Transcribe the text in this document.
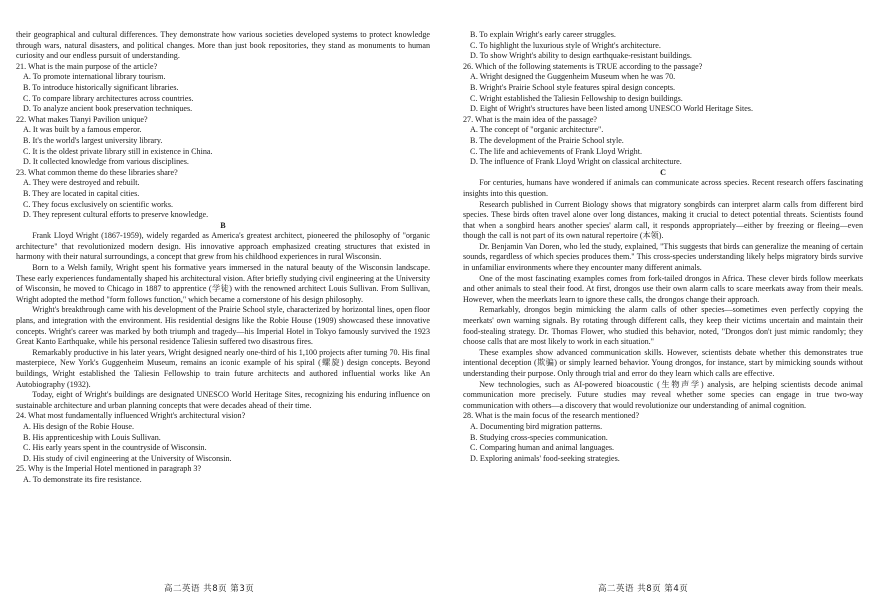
their geographical and cultural differences. They demonstrate how various societies developed systems to protect knowledge through wars, natural disasters, and political changes. More than just book repositories, they stand as monuments to human curiosity and our endless pursuit of understanding.

21. What is the main purpose of the article?

A. To promote international library tourism.

B. To introduce historically significant libraries.

C. To compare library architectures across countries.

D. To analyze ancient book preservation techniques.

22. What makes Tianyi Pavilion unique?

A. It was built by a famous emperor.

B. It's the world's largest university library.

C. It is the oldest private library still in existence in China.

D. It collected knowledge from various disciplines.

23. What common theme do these libraries share?

A. They were destroyed and rebuilt.

B. They are located in capital cities.

C. They focus exclusively on scientific works.

D. They represent cultural efforts to preserve knowledge.

B

Frank Lloyd Wright (1867-1959), widely regarded as America's greatest architect, pioneered the philosophy of "organic architecture" that revolutionized modern design. His innovative approach emphasized creating structures that existed in harmony with their natural surroundings, a concept that grew from his childhood experiences in rural Wisconsin.

Born to a Welsh family, Wright spent his formative years immersed in the natural beauty of the Wisconsin landscape. These early experiences fundamentally shaped his architectural vision. After briefly studying civil engineering at the University of Wisconsin, he moved to Chicago in 1887 to apprentice (学徒) with the renowned architect Louis Sullivan. From Sullivan, Wright adopted the method "form follows function," which became a cornerstone of his design philosophy.

Wright's breakthrough came with his development of the Prairie School style, characterized by horizontal lines, open floor plans, and integration with the environment. His residential designs like the Robie House (1909) showcased these innovative concepts. Wright's career was marked by both triumph and tragedy—his Imperial Hotel in Tokyo famously survived the 1923 Great Kanto Earthquake, while his personal residence Taliesin suffered two disastrous fires.

Remarkably productive in his later years, Wright designed nearly one-third of his 1,100 projects after turning 70. His final masterpiece, New York's Guggenheim Museum, remains an iconic example of his spiral (螺旋) design concepts. Beyond buildings, Wright established the Taliesin Fellowship to train future architects and authored influential works like An Autobiography (1932).

Today, eight of Wright's buildings are designated UNESCO World Heritage Sites, recognizing his enduring influence on sustainable architecture and urban planning concepts that were decades ahead of their time.

24. What most fundamentally influenced Wright's architectural vision?

A. His design of the Robie House.

B. His apprenticeship with Louis Sullivan.

C. His early years spent in the countryside of Wisconsin.

D. His study of civil engineering at the University of Wisconsin.

25. Why is the Imperial Hotel mentioned in paragraph 3?

A. To demonstrate its fire resistance.

B. To explain Wright's early career struggles.

C. To highlight the luxurious style of Wright's architecture.

D. To show Wright's ability to design earthquake-resistant buildings.

26. Which of the following statements is TRUE according to the passage?

A. Wright designed the Guggenheim Museum when he was 70.

B. Wright's Prairie School style features spiral design concepts.

C. Wright established the Taliesin Fellowship to design buildings.

D. Eight of Wright's structures have been listed among UNESCO World Heritage Sites.

27. What is the main idea of the passage?

A. The concept of "organic architecture".

B. The development of the Prairie School style.

C. The life and achievements of Frank Lloyd Wright.

D. The influence of Frank Lloyd Wright on classical architecture.

C

For centuries, humans have wondered if animals can communicate across species. Recent research offers fascinating insights into this question.

Research published in Current Biology shows that migratory songbirds can interpret alarm calls from different bird species. These birds often travel alone over long distances, making it crucial to detect potential threats. Scientists found that when a songbird hears another species' alarm call, it responds appropriately—either by freezing or fleeing—even though the call is not part of its own natural repertoire (本领).

Dr. Benjamin Van Doren, who led the study, explained, "This suggests that birds can generalize the meaning of certain sounds, regardless of which species produces them." This cross-species understanding likely helps migratory birds survive in unfamiliar environments where they encounter many different animals.

One of the most fascinating examples comes from fork-tailed drongos in Africa. These clever birds follow meerkats and other animals to steal their food. At first, drongos use their own alarm calls to scare meerkats away from their meals. However, when the meerkats learn to ignore these calls, the drongos change their approach.

Remarkably, drongos begin mimicking the alarm calls of other species—sometimes even perfectly copying the meerkats' own warning signals. By rotating through different calls, they keep their victims uncertain and maintain their food-stealing strategy. Dr. Thomas Flower, who studied this behavior, noted, "Drongos don't just mimic randomly; they choose calls that are most likely to work in each situation."

These examples show advanced communication skills. However, scientists debate whether this demonstrates true intentional deception (欺骗) or simply learned behavior. Young drongos, for instance, start by mimicking sounds without understanding their purpose. Only through trial and error do they learn which calls are effective.

New technologies, such as AI-powered bioacoustic (生物声学) analysis, are helping scientists decode animal communication more precisely. Future studies may reveal whether some species can engage in true two-way communication with others—a discovery that would revolutionize our understanding of animal cognition.

28. What is the main focus of the research mentioned?

A. Documenting bird migration patterns.

B. Studying cross-species communication.

C. Comparing human and animal languages.

D. Exploring animals' food-seeking strategies.

高二英语 共8页 第3页	高二英语 共8页 第4页
